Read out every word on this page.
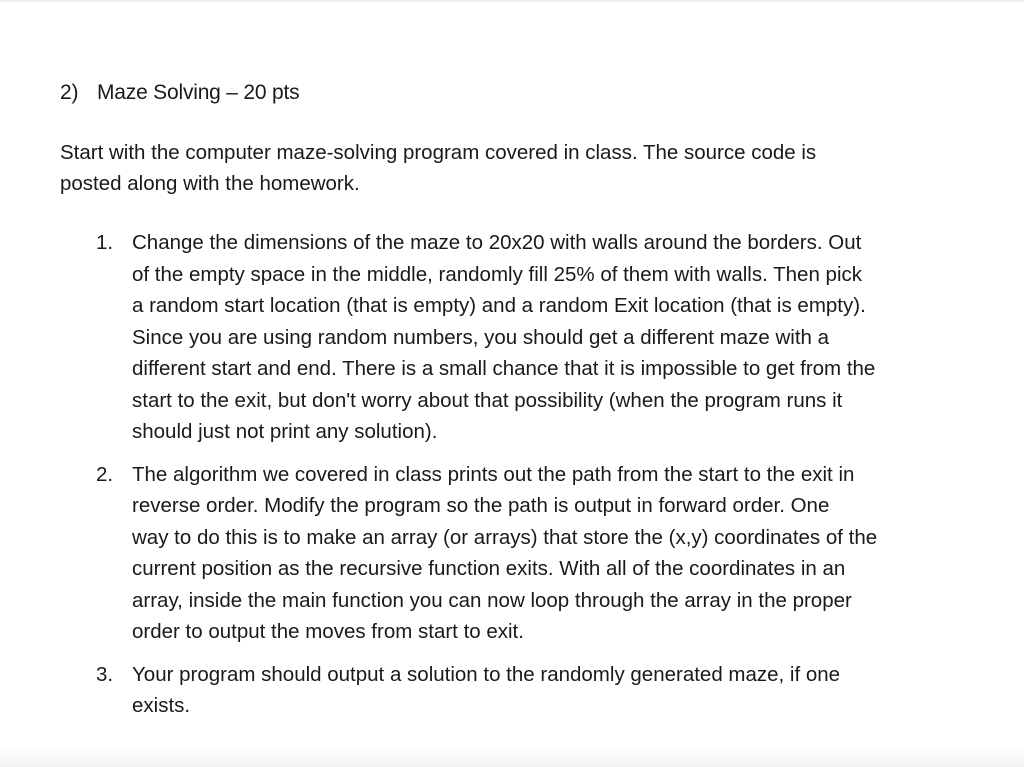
2) Maze Solving – 20 pts

Start with the computer maze-solving program covered in class. The source code is
posted along with the homework.

1. Change the dimensions of the maze to 20x20 with walls around the borders. Out
of the empty space in the middle, randomly fill 25% of them with walls. Then pick
a random start location (that is empty) and a random Exit location (that is empty).
Since you are using random numbers, you should get a different maze with a
different start and end. There is a small chance that it is impossible to get from the
start to the exit, but don't worry about that possibility (when the program runs it
should just not print any solution).
2. The algorithm we covered in class prints out the path from the start to the exit in
reverse order. Modify the program so the path is output in forward order. One
way to do this is to make an array (or arrays) that store the (x,y) coordinates of the
current position as the recursive function exits. With all of the coordinates in an
array, inside the main function you can now loop through the array in the proper
order to output the moves from start to exit.
3. Your program should output a solution to the randomly generated maze, if one
exists.
